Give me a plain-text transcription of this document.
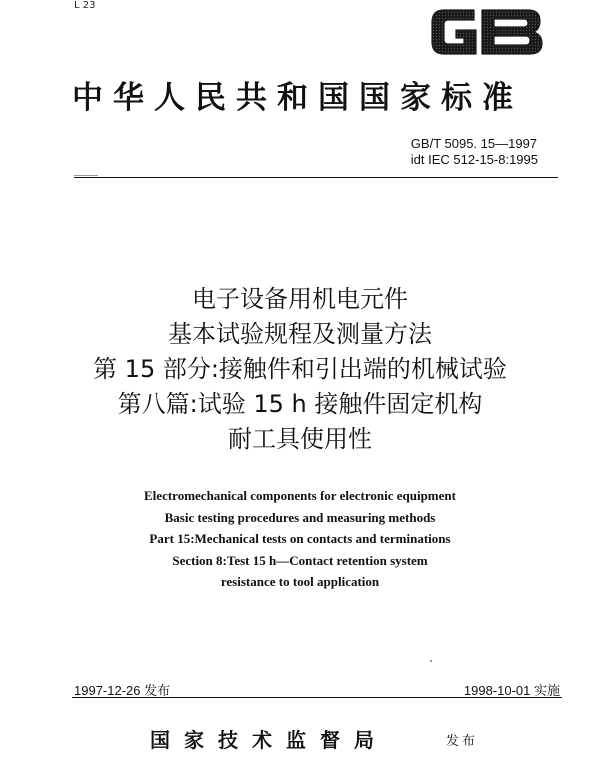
L 23
中华人民共和国国家标准
GB/T 5095. 15—1997
idt IEC 512-15-8:1995
电子设备用机电元件
基本试验规程及测量方法
第 15 部分:接触件和引出端的机械试验
第八篇:试验 15 h 接触件固定机构
耐工具使用性
Electromechanical components for electronic equipment
Basic testing procedures and measuring methods
Part 15:Mechanical tests on contacts and terminations
Section 8:Test 15 h—Contact retention system
resistance to tool application
1997-12-26 发布	1998-10-01 实施
国家技术监督局	发布
